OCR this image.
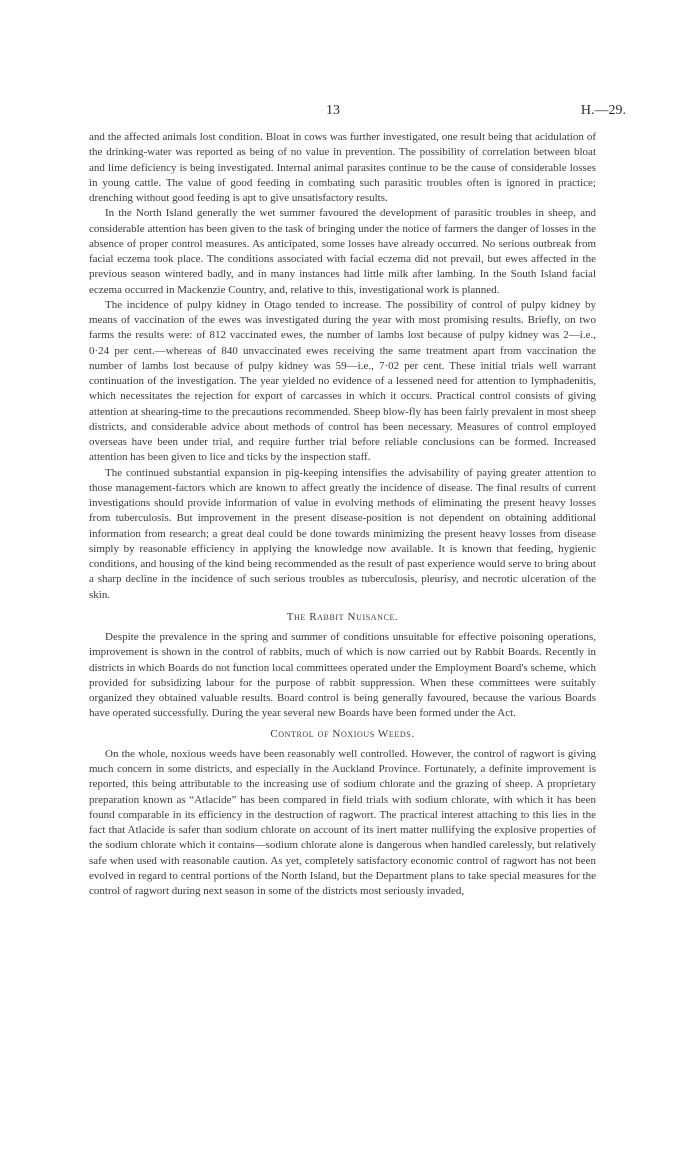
13	H.—29.

and the affected animals lost condition. Bloat in cows was further investigated, one result being that acidulation of the drinking-water was reported as being of no value in prevention. The possibility of correlation between bloat and lime deficiency is being investigated. Internal animal parasites continue to be the cause of considerable losses in young cattle. The value of good feeding in combating such parasitic troubles often is ignored in practice; drenching without good feeding is apt to give unsatisfactory results.

In the North Island generally the wet summer favoured the development of parasitic troubles in sheep, and considerable attention has been given to the task of bringing under the notice of farmers the danger of losses in the absence of proper control measures. As anticipated, some losses have already occurred. No serious outbreak from facial eczema took place. The conditions associated with facial eczema did not prevail, but ewes affected in the previous season wintered badly, and in many instances had little milk after lambing. In the South Island facial eczema occurred in Mackenzie Country, and, relative to this, investigational work is planned.

The incidence of pulpy kidney in Otago tended to increase. The possibility of control of pulpy kidney by means of vaccination of the ewes was investigated during the year with most promising results. Briefly, on two farms the results were: of 812 vaccinated ewes, the number of lambs lost because of pulpy kidney was 2—i.e., 0·24 per cent.—whereas of 840 unvaccinated ewes receiving the same treatment apart from vaccination the number of lambs lost because of pulpy kidney was 59—i.e., 7·02 per cent. These initial trials well warrant continuation of the investigation. The year yielded no evidence of a lessened need for attention to lymphadenitis, which necessitates the rejection for export of carcasses in which it occurs. Practical control consists of giving attention at shearing-time to the precautions recommended. Sheep blow-fly has been fairly prevalent in most sheep districts, and considerable advice about methods of control has been necessary. Measures of control employed overseas have been under trial, and require further trial before reliable conclusions can be formed. Increased attention has been given to lice and ticks by the inspection staff.

The continued substantial expansion in pig-keeping intensifies the advisability of paying greater attention to those management-factors which are known to affect greatly the incidence of disease. The final results of current investigations should provide information of value in evolving methods of eliminating the present heavy losses from tuberculosis. But improvement in the present disease-position is not dependent on obtaining additional information from research; a great deal could be done towards minimizing the present heavy losses from disease simply by reasonable efficiency in applying the knowledge now available. It is known that feeding, hygienic conditions, and housing of the kind being recommended as the result of past experience would serve to bring about a sharp decline in the incidence of such serious troubles as tuberculosis, pleurisy, and necrotic ulceration of the skin.

The Rabbit Nuisance.

Despite the prevalence in the spring and summer of conditions unsuitable for effective poisoning operations, improvement is shown in the control of rabbits, much of which is now carried out by Rabbit Boards. Recently in districts in which Boards do not function local committees operated under the Employment Board's scheme, which provided for subsidizing labour for the purpose of rabbit suppression. When these committees were suitably organized they obtained valuable results. Board control is being generally favoured, because the various Boards have operated successfully. During the year several new Boards have been formed under the Act.

Control of Noxious Weeds.

On the whole, noxious weeds have been reasonably well controlled. However, the control of ragwort is giving much concern in some districts, and especially in the Auckland Province. Fortunately, a definite improvement is reported, this being attributable to the increasing use of sodium chlorate and the grazing of sheep. A proprietary preparation known as “Atlacide” has been compared in field trials with sodium chlorate, with which it has been found comparable in its efficiency in the destruction of ragwort. The practical interest attaching to this lies in the fact that Atlacide is safer than sodium chlorate on account of its inert matter nullifying the explosive properties of the sodium chlorate which it contains—sodium chlorate alone is dangerous when handled carelessly, but relatively safe when used with reasonable caution. As yet, completely satisfactory economic control of ragwort has not been evolved in regard to central portions of the North Island, but the Department plans to take special measures for the control of ragwort during next season in some of the districts most seriously invaded,
